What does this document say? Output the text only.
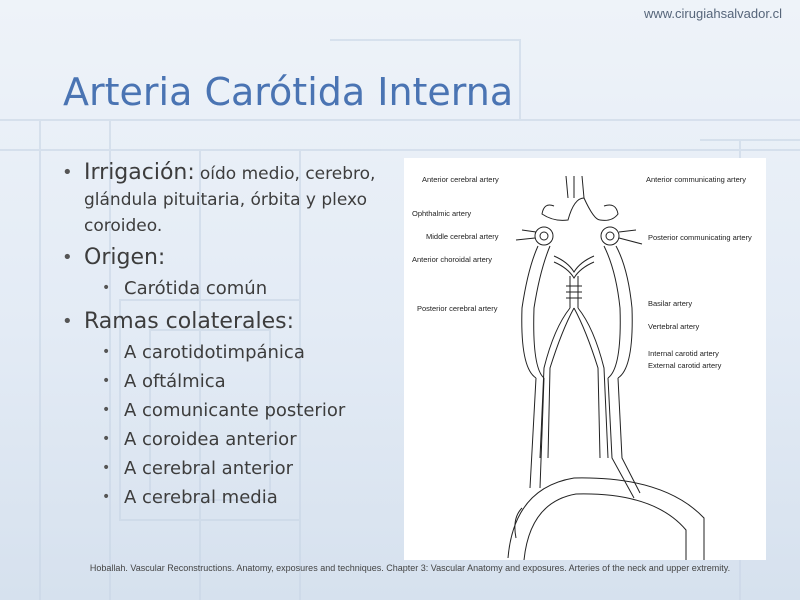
www.cirugiahsalvador.cl
Arteria Carótida Interna
• Irrigación: oído medio, cerebro, glándula pituitaria, órbita y plexo coroideo.
• Origen:
• Carótida común
• Ramas colaterales:
• A carotidotimpánica
• A oftálmica
• A comunicante posterior
• A coroidea anterior
• A cerebral anterior
• A cerebral media
Anterior cerebral artery
Ophthalmic artery
Middle cerebral artery
Anterior choroidal artery
Posterior cerebral artery
Anterior communicating artery
Posterior communicating artery
Basilar artery
Vertebral artery
Internal carotid artery
External carotid artery
Hoballah. Vascular Reconstructions. Anatomy, exposures and techniques. Chapter 3: Vascular Anatomy and exposures. Arteries of the neck and upper extremity.
